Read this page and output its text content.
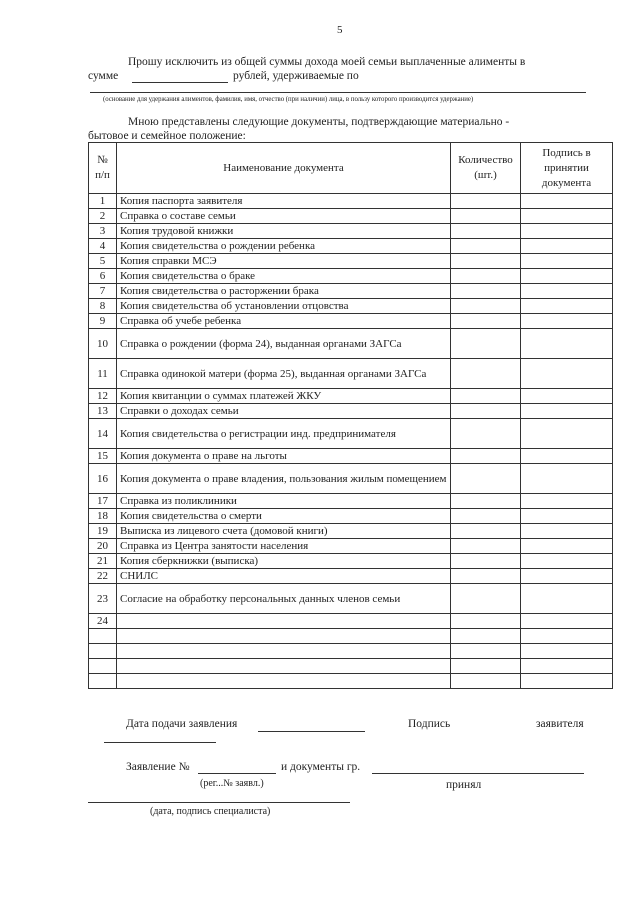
5
Прошу исключить из общей суммы дохода моей семьи выплаченные алименты в
сумме	рублей, удерживаемые по
(основание для удержания алиментов, фамилия, имя, отчество (при наличии) лица, в пользу которого производится удержание)
Мною представлены следующие документы, подтверждающие материально -
бытовое и семейное положение:
№ п/п	Наименование документа	Количество (шт.)	Подпись в принятии документа
1	Копия паспорта заявителя		
2	Справка о составе семьи		
3	Копия трудовой книжки		
4	Копия свидетельства о рождении ребенка		
5	Копия справки МСЭ		
6	Копия свидетельства о браке		
7	Копия свидетельства о расторжении брака		
8	Копия свидетельства об установлении отцовства		
9	Справка об учебе ребенка		
10	Справка о рождении (форма 24), выданная органами ЗАГСа		
11	Справка одинокой матери (форма 25), выданная органами ЗАГСа		
12	Копия квитанции о суммах платежей ЖКУ		
13	Справки о доходах семьи		
14	Копия свидетельства о регистрации инд. предпринимателя		
15	Копия документа о праве на льготы		
16	Копия документа о праве владения, пользования жилым помещением		
17	Справка из поликлиники		
18	Копия свидетельства о смерти		
19	Выписка из лицевого счета (домовой книги)		
20	Справка из Центра занятости населения		
21	Копия сберкнижки (выписка)		
22	СНИЛС		
23	Согласие на обработку персональных данных членов семьи		
24			

Дата подачи заявления	Подпись	заявителя
Заявление №	и документы гр.
(рег...№ заявл.)	принял
(дата, подпись специалиста)
